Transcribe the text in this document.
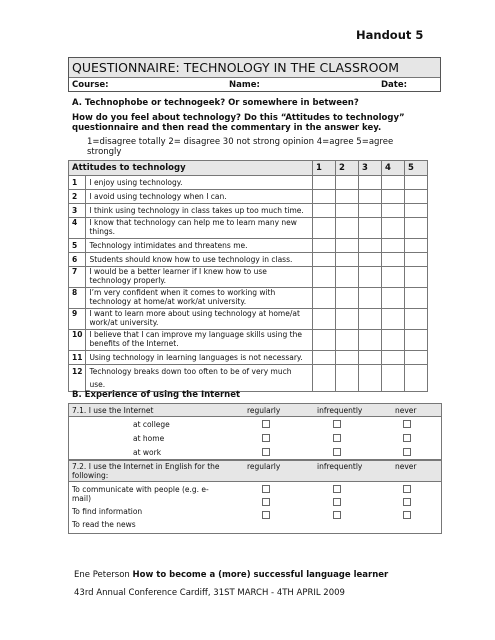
Handout 5
QUESTIONNAIRE: TECHNOLOGY IN THE CLASSROOM
Course:	Name:	Date:
A. Technophobe or technogeek? Or somewhere in between?
How do you feel about technology? Do this “Attitudes to technology”
questionnaire and then read the commentary in the answer key.
1=disagree totally 2= disagree 30 not strong opinion 4=agree 5=agree
strongly
Attitudes to technology		1	2	3	4	5
1	I enjoy using technology.					
2	I avoid using technology when I can.					
3	I think using technology in class takes up too much time.					
4	I know that technology can help me to learn many new
things.					

5	Technology intimidates and threatens me.					
6	Students should know how to use technology in class.					
7	I would be a better learner if I knew how to use
technology properly.					

8	I’m very confident when it comes to working with
technology at home/at work/at university.					

9	I want to learn more about using technology at home/at
work/at university.					

10	I believe that I can improve my language skills using the
benefits of the Internet.					

11	Using technology in learning languages is not necessary.					
12	Technology breaks down too often to be of very much use.					
B. Experience of using the Internet
7.1. I use the Internet	regularly	infrequently	never
at college
at home
at work
7.2. I use the Internet in English for the
following:
regularly	infrequently	never
To communicate with people (e.g. e-
mail)
To find information
To read the news
Ene Peterson How to become a (more) successful language learner
43rd Annual Conference Cardiff, 31ST MARCH - 4TH APRIL 2009
